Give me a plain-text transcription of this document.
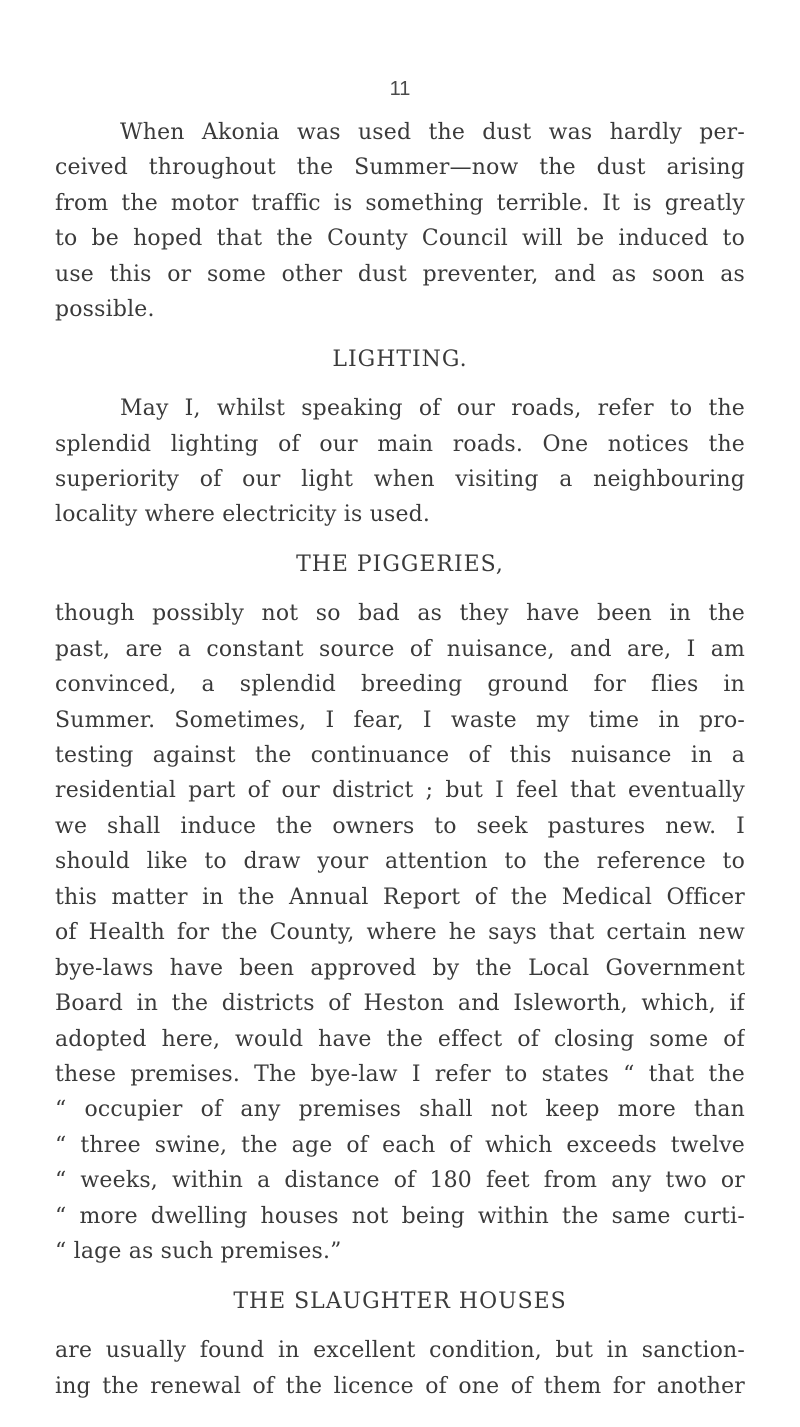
11
When Akonia was used the dust was hardly per-
ceived throughout the Summer—now the dust arising
from the motor traffic is something terrible. It is greatly
to be hoped that the County Council will be induced to
use this or some other dust preventer, and as soon as
possible.
LIGHTING.
May I, whilst speaking of our roads, refer to the
splendid lighting of our main roads. One notices the
superiority of our light when visiting a neighbouring
locality where electricity is used.
THE PIGGERIES,
though possibly not so bad as they have been in the
past, are a constant source of nuisance, and are, I am
convinced, a splendid breeding ground for flies in
Summer. Sometimes, I fear, I waste my time in pro-
testing against the continuance of this nuisance in a
residential part of our district ; but I feel that eventually
we shall induce the owners to seek pastures new. I
should like to draw your attention to the reference to
this matter in the Annual Report of the Medical Officer
of Health for the County, where he says that certain new
bye-laws have been approved by the Local Government
Board in the districts of Heston and Isleworth, which, if
adopted here, would have the effect of closing some of
these premises. The bye-law I refer to states “ that the
“ occupier of any premises shall not keep more than
“ three swine, the age of each of which exceeds twelve
“ weeks, within a distance of 180 feet from any two or
“ more dwelling houses not being within the same curti-
“ lage as such premises.”
THE SLAUGHTER HOUSES
are usually found in excellent condition, but in sanction-
ing the renewal of the licence of one of them for another
